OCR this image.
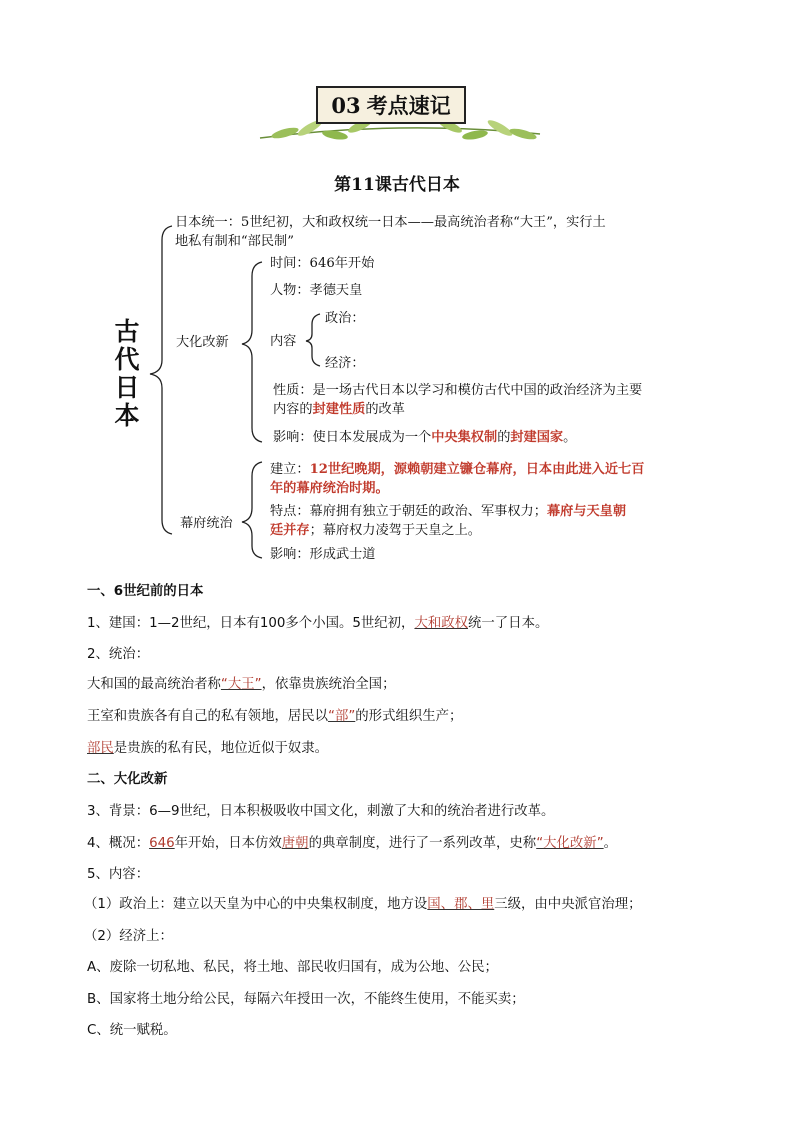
03 考点速记
第11课古代日本
古
代
日
本
日本统一：5世纪初，大和政权统一日本——最高统治者称“大王”，实行土
地私有制和“部民制”
大化改新
时间：646年开始
人物：孝德天皇
内容
政治：
经济：
性质：是一场古代日本以学习和模仿古代中国的政治经济为主要
内容的封建性质的改革
影响：使日本发展成为一个中央集权制的封建国家。
幕府统治
建立：12世纪晚期，源赖朝建立镰仓幕府，日本由此进入近七百
年的幕府统治时期。
特点：幕府拥有独立于朝廷的政治、军事权力；幕府与天皇朝
廷并存；幕府权力凌驾于天皇之上。
影响：形成武士道
一、6世纪前的日本
1、建国：1—2世纪，日本有100多个小国。5世纪初，大和政权统一了日本。
2、统治：
大和国的最高统治者称“大王”，依靠贵族统治全国；
王室和贵族各有自己的私有领地，居民以“部”的形式组织生产；
部民是贵族的私有民，地位近似于奴隶。
二、大化改新
3、背景：6—9世纪，日本积极吸收中国文化，刺激了大和的统治者进行改革。
4、概况：646年开始，日本仿效唐朝的典章制度，进行了一系列改革，史称“大化改新”。
5、内容：
（1）政治上：建立以天皇为中心的中央集权制度，地方设国、郡、里三级，由中央派官治理；
（2）经济上：
A、废除一切私地、私民，将土地、部民收归国有，成为公地、公民；
B、国家将土地分给公民，每隔六年授田一次，不能终生使用，不能买卖；
C、统一赋税。
